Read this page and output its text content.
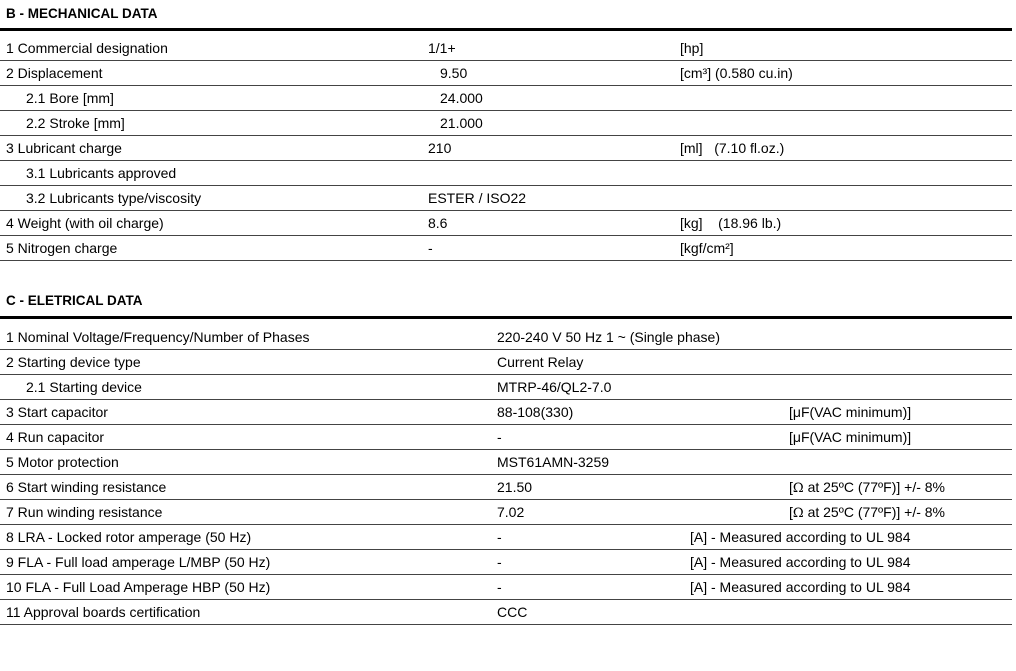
B - MECHANICAL DATA
1 Commercial designation	1/1+	[hp]
2 Displacement	9.50	[cm³] (0.580 cu.in)
2.1 Bore [mm]	24.000
2.2 Stroke [mm]	21.000
3 Lubricant charge	210	[ml]   (7.10 fl.oz.)
3.1 Lubricants approved
3.2 Lubricants type/viscosity	ESTER / ISO22
4 Weight (with oil charge)	8.6	[kg]    (18.96 lb.)
5 Nitrogen charge	-	[kgf/cm²]
C - ELETRICAL DATA
1 Nominal Voltage/Frequency/Number of Phases	220-240 V 50 Hz 1 ~ (Single phase)
2 Starting device type	Current Relay
2.1 Starting device	MTRP-46/QL2-7.0
3 Start capacitor	88-108(330)	[μF(VAC minimum)]
4 Run capacitor	-	[μF(VAC minimum)]
5 Motor protection	MST61AMN-3259
6 Start winding resistance	21.50	[Ω at 25ºC (77ºF)] +/- 8%
7 Run winding resistance	7.02	[Ω at 25ºC (77ºF)] +/- 8%
8 LRA - Locked rotor amperage (50 Hz)	-	[A] - Measured according to UL 984
9 FLA - Full load amperage L/MBP (50 Hz)	-	[A] - Measured according to UL 984
10 FLA - Full Load Amperage HBP (50 Hz)	-	[A] - Measured according to UL 984
11 Approval boards certification	CCC
